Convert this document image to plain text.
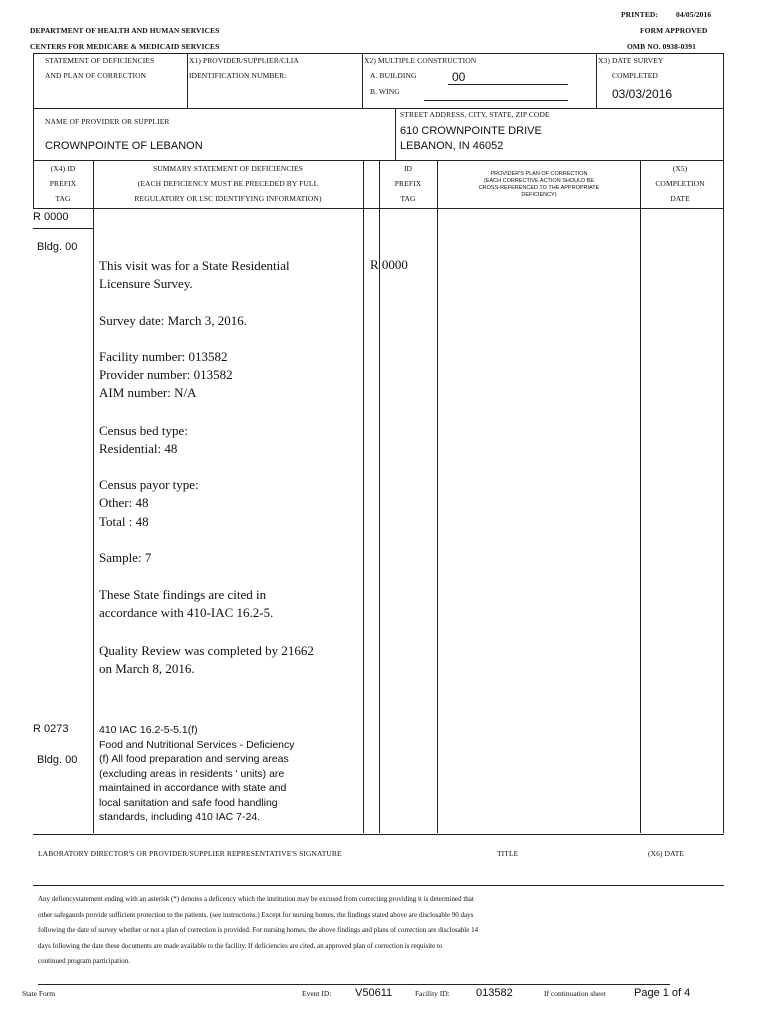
PRINTED: 04/05/2016
DEPARTMENT OF HEALTH AND HUMAN SERVICES	FORM APPROVED
CENTERS FOR MEDICARE & MEDICAID SERVICES	OMB NO. 0938-0391
STATEMENT OF DEFICIENCIES
AND PLAN OF CORRECTION
X1) PROVIDER/SUPPLIER/CLIA
IDENTIFICATION NUMBER:
X2) MULTIPLE CONSTRUCTION
A. BUILDING	00
B. WING
X3) DATE SURVEY
COMPLETED
03/03/2016
NAME OF PROVIDER OR SUPPLIER
CROWNPOINTE OF LEBANON
STREET ADDRESS, CITY, STATE, ZIP CODE
610 CROWNPOINTE DRIVE
LEBANON, IN 46052
(X4) ID
PREFIX
TAG
SUMMARY STATEMENT OF DEFICIENCIES
(EACH DEFICIENCY MUST BE PRECEDED BY FULL
REGULATORY OR LSC IDENTIFYING INFORMATION)
ID
PREFIX
TAG
PROVIDER'S PLAN OF CORRECTION
(EACH CORRECTIVE ACTION SHOULD BE
CROSS-REFERENCED TO THE APPROPRIATE
DEFICIENCY)
(X5)
COMPLETION
DATE
R 0000
Bldg. 00
R 0000
This visit was for a State Residential
Licensure Survey.
Survey date: March 3, 2016.
Facility number: 013582
Provider number: 013582
AIM number: N/A
Census bed type:
Residential: 48
Census payor type:
Other: 48
Total : 48
Sample: 7
These State findings are cited in
accordance with 410-IAC 16.2-5.
Quality Review was completed by 21662
on March 8, 2016.
R 0273
Bldg. 00
410 IAC 16.2-5-5.1(f)
Food and Nutritional Services - Deficiency
(f) All food preparation and serving areas
(excluding areas in residents ' units) are
maintained in accordance with state and
local sanitation and safe food handling
standards, including 410 IAC 7-24.
LABORATORY DIRECTOR'S OR PROVIDER/SUPPLIER REPRESENTATIVE'S SIGNATURE	TITLE	(X6) DATE
Any defiencystatement ending with an asterisk (*) denotes a deficency which the institution may be excused from correcting providing it is determined that
other safegaurds provide sufficient protection to the patients. (see instructions.) Except for nursing homes, the findings stated above are disclosable 90 days
following the date of survey whether or not a plan of correction is provided. For nursing homes, the above findings and plans of correction are disclosable 14
days following the date these documents are made available to the facility. If deficiencies are cited, an approved plan of correction is requisite to
continued program participation.
State Form	Event ID: V50611	Facility ID: 013582	If continuation sheet	Page 1 of 4
